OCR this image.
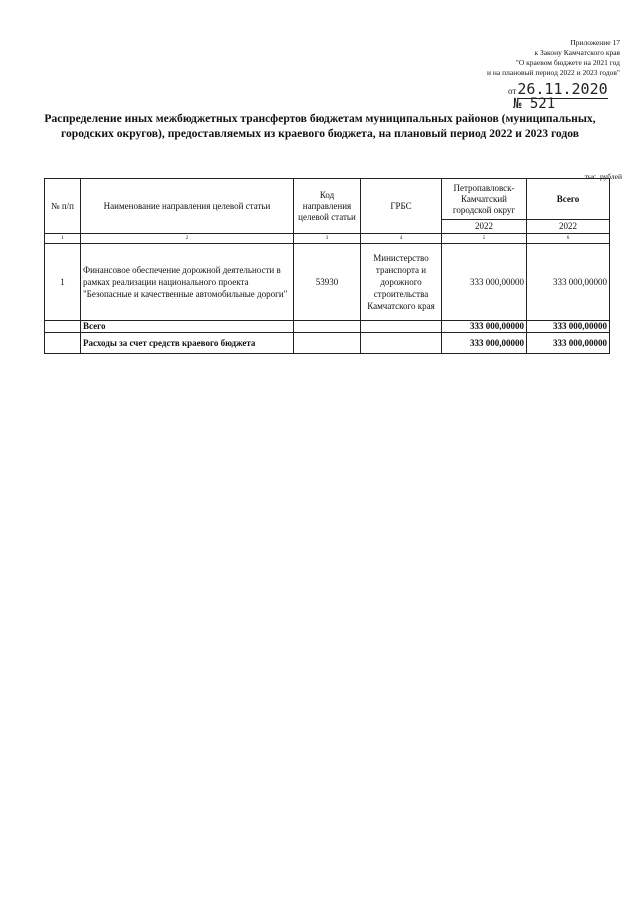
Приложение 17
к Закону Камчатского края
"О краевом бюджете на 2021 год
и на плановый период 2022 и 2023 годов"
от26.11.2020
№ 521
Распределение иных межбюджетных трансфертов бюджетам муниципальных районов (муниципальных, городских округов), предоставляемых из краевого бюджета, на плановый период 2022 и 2023 годов
тыс. рублей
№ п/п	Наименование направления целевой статьи	Код направления целевой статьи	ГРБС	Петропавловск-Камчатский городской округ	Всего
				2022	2022
1	2	3	4	5	6
1	Финансовое обеспечение дорожной деятельности в рамках реализации национального проекта "Безопасные и качественные автомобильные дороги"	53930	Министерство транспорта и дорожного строительства Камчатского края	333 000,00000	333 000,00000
	Всего			333 000,00000	333 000,00000
	Расходы за счет средств краевого бюджета			333 000,00000	333 000,00000
